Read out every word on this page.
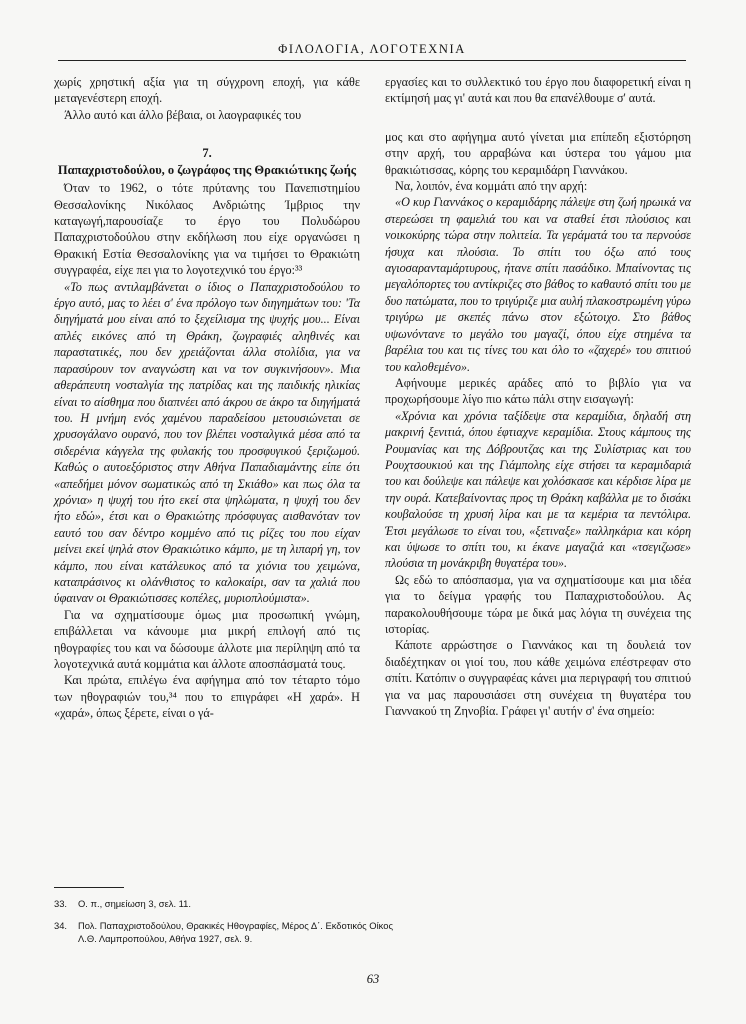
ΦΙΛΟΛΟΓΙΑ, ΛΟΓΟΤΕΧΝΙΑ

χωρίς χρηστική αξία για τη σύγχρονη εποχή, για κάθε μεταγενέστερη εποχή.

Άλλο αυτό και άλλο βέβαια, οι λαογραφικές του

7.
Παπαχριστοδούλου, ο ζωγράφος της Θρακιώτικης ζωής

Όταν το 1962, ο τότε πρύτανης του Πανεπιστημίου Θεσσαλονίκης Νικόλαος Ανδριώτης Ίμβριος την καταγωγή,παρουσίαζε το έργο του Πολυδώρου Παπαχριστοδούλου στην εκδήλωση που είχε οργανώσει η Θρακική Εστία Θεσσαλονίκης για να τιμήσει το Θρακιώτη συγγραφέα, είχε πει για το λογοτεχνικό του έργο:³³

«Το πως αντιλαμβάνεται ο ίδιος ο Παπαχριστοδούλου το έργο αυτό, μας το λέει σ' ένα πρόλογο των διηγημάτων του: 'Τα διηγήματά μου είναι από το ξεχείλισμα της ψυχής μου... Είναι απλές εικόνες από τη Θράκη, ζωγραφιές αληθινές και παραστατικές, που δεν χρειάζονται άλλα στολίδια, για να παρασύρουν τον αναγνώστη και να τον συγκινήσουν». Μια αθεράπευτη νοσταλγία της πατρίδας και της παιδικής ηλικίας είναι το αίσθημα που διαπνέει από άκρου σε άκρο τα διηγήματά του. Η μνήμη ενός χαμένου παραδείσου μετουσιώνεται σε χρυσογάλανο ουρανό, που τον βλέπει νοσταλγικά μέσα από τα σιδερένια κάγγελα της φυλακής του προσφυγικού ξεριζωμού. Καθώς ο αυτοεξόριστος στην Αθήνα Παπαδιαμάντης είπε ότι «απεδήμει μόνον σωματικώς από τη Σκιάθο» και πως όλα τα χρόνια» η ψυχή του ήτο εκεί στα ψηλώματα, η ψυχή του δεν ήτο εδώ», έτσι και ο Θρακιώτης πρόσφυγας αισθανόταν τον εαυτό του σαν δέντρο κομμένο από τις ρίζες του που είχαν μείνει εκεί ψηλά στον Θρακιώτικο κάμπο, με τη λιπαρή γη, τον κάμπο, που είναι κατάλευκος από τα χιόνια του χειμώνα, καταπράσινος κι ολάνθιστος το καλοκαίρι, σαν τα χαλιά που ύφαιναν οι Θρακιώτισσες κοπέλες, μυριοπλούμιστα».

Για να σχηματίσουμε όμως μια προσωπική γνώμη, επιβάλλεται να κάνουμε μια μικρή επιλογή από τις ηθογραφίες του και να δώσουμε άλλοτε μια περίληψη από τα λογοτεχνικά αυτά κομμάτια και άλλοτε αποσπάσματά τους.

Και πρώτα, επιλέγω ένα αφήγημα από τον τέταρτο τόμο των ηθογραφιών του,³⁴ που το επιγράφει «Η χαρά». Η «χαρά», όπως ξέρετε, είναι ο γά-

εργασίες και το συλλεκτικό του έργο που διαφορετική είναι η εκτίμησή μας γι' αυτά και που θα επανέλθουμε σ' αυτά.

μος και στο αφήγημα αυτό γίνεται μια επίπεδη εξιστόρηση στην αρχή, του αρραβώνα και ύστερα του γάμου μια θρακιώτισσας, κόρης του κεραμιδάρη Γιαννάκου.

Να, λοιπόν, ένα κομμάτι από την αρχή:

«Ο κυρ Γιαννάκος ο κεραμιδάρης πάλεψε στη ζωή ηρωικά να στερεώσει τη φαμελιά του και να σταθεί έτσι πλούσιος και νοικοκύρης τώρα στην πολιτεία. Τα γεράματά του τα περνούσε ήσυχα και πλούσια. Το σπίτι του όξω από τους αγιοσαρανταμάρτυρους, ήτανε σπίτι πασάδικο. Μπαίνοντας τις μεγαλόπορτες του αντίκριζες στο βάθος το καθαυτό σπίτι του με δυο πατώματα, που το τριγύριζε μια αυλή πλακοστρωμένη γύρω τριγύρω με σκεπές πάνω στον εξώτοιχο. Στο βάθος υψωνόντανε το μεγάλο του μαγαζί, όπου είχε στημένα τα βαρέλια του και τις τίνες του και όλο το «ζαχερέ» του σπιτιού του καλοθεμένο».

Αφήνουμε μερικές αράδες από το βιβλίο για να προχωρήσουμε λίγο πιο κάτω πάλι στην εισαγωγή:

«Χρόνια και χρόνια ταξίδεψε στα κεραμίδια, δηλαδή στη μακρινή ξενιτιά, όπου έφτιαχνε κεραμίδια. Στους κάμπους της Ρουμανίας και της Δόβρουτζας και της Συλίστριας και του Ρουχτσουκιού και της Γιάμπολης είχε στήσει τα κεραμιδαριά του και δούλεψε και πάλεψε και χολόσκασε και κέρδισε λίρα με την ουρά. Κατεβαίνοντας προς τη Θράκη καβάλλα με το δισάκι κουβαλούσε τη χρυσή λίρα και με τα κεμέρια τα πεντόλιρα. Έτσι μεγάλωσε το είναι του, «ξετιναξε» παλληκάρια και κόρη και ύψωσε το σπίτι του, κι έκανε μαγαζιά και «τσεγιζωσε» πλούσια τη μονάκριβη θυγατέρα του».

Ως εδώ το απόσπασμα, για να σχηματίσουμε και μια ιδέα για το δείγμα γραφής του Παπαχριστοδούλου. Ας παρακολουθήσουμε τώρα με δικά μας λόγια τη συνέχεια της ιστορίας.

Κάποτε αρρώστησε ο Γιαννάκος και τη δουλειά τον διαδέχτηκαν οι γιοί του, που κάθε χειμώνα επέστρεφαν στο σπίτι. Κατόπιν ο συγγραφέας κάνει μια περιγραφή του σπιτιού για να μας παρουσιάσει στη συνέχεια τη θυγατέρα του Γιαννακού τη Ζηνοβία. Γράφει γι' αυτήν σ' ένα σημείο:

33. Ο. π., σημείωση 3, σελ. 11.
34. Πολ. Παπαχριστοδούλου, Θρακικές Ηθογραφίες, Μέρος Δ΄. Εκδοτικός Οίκος
Λ.Θ. Λαμπροπούλου, Αθήνα 1927, σελ. 9.
63
